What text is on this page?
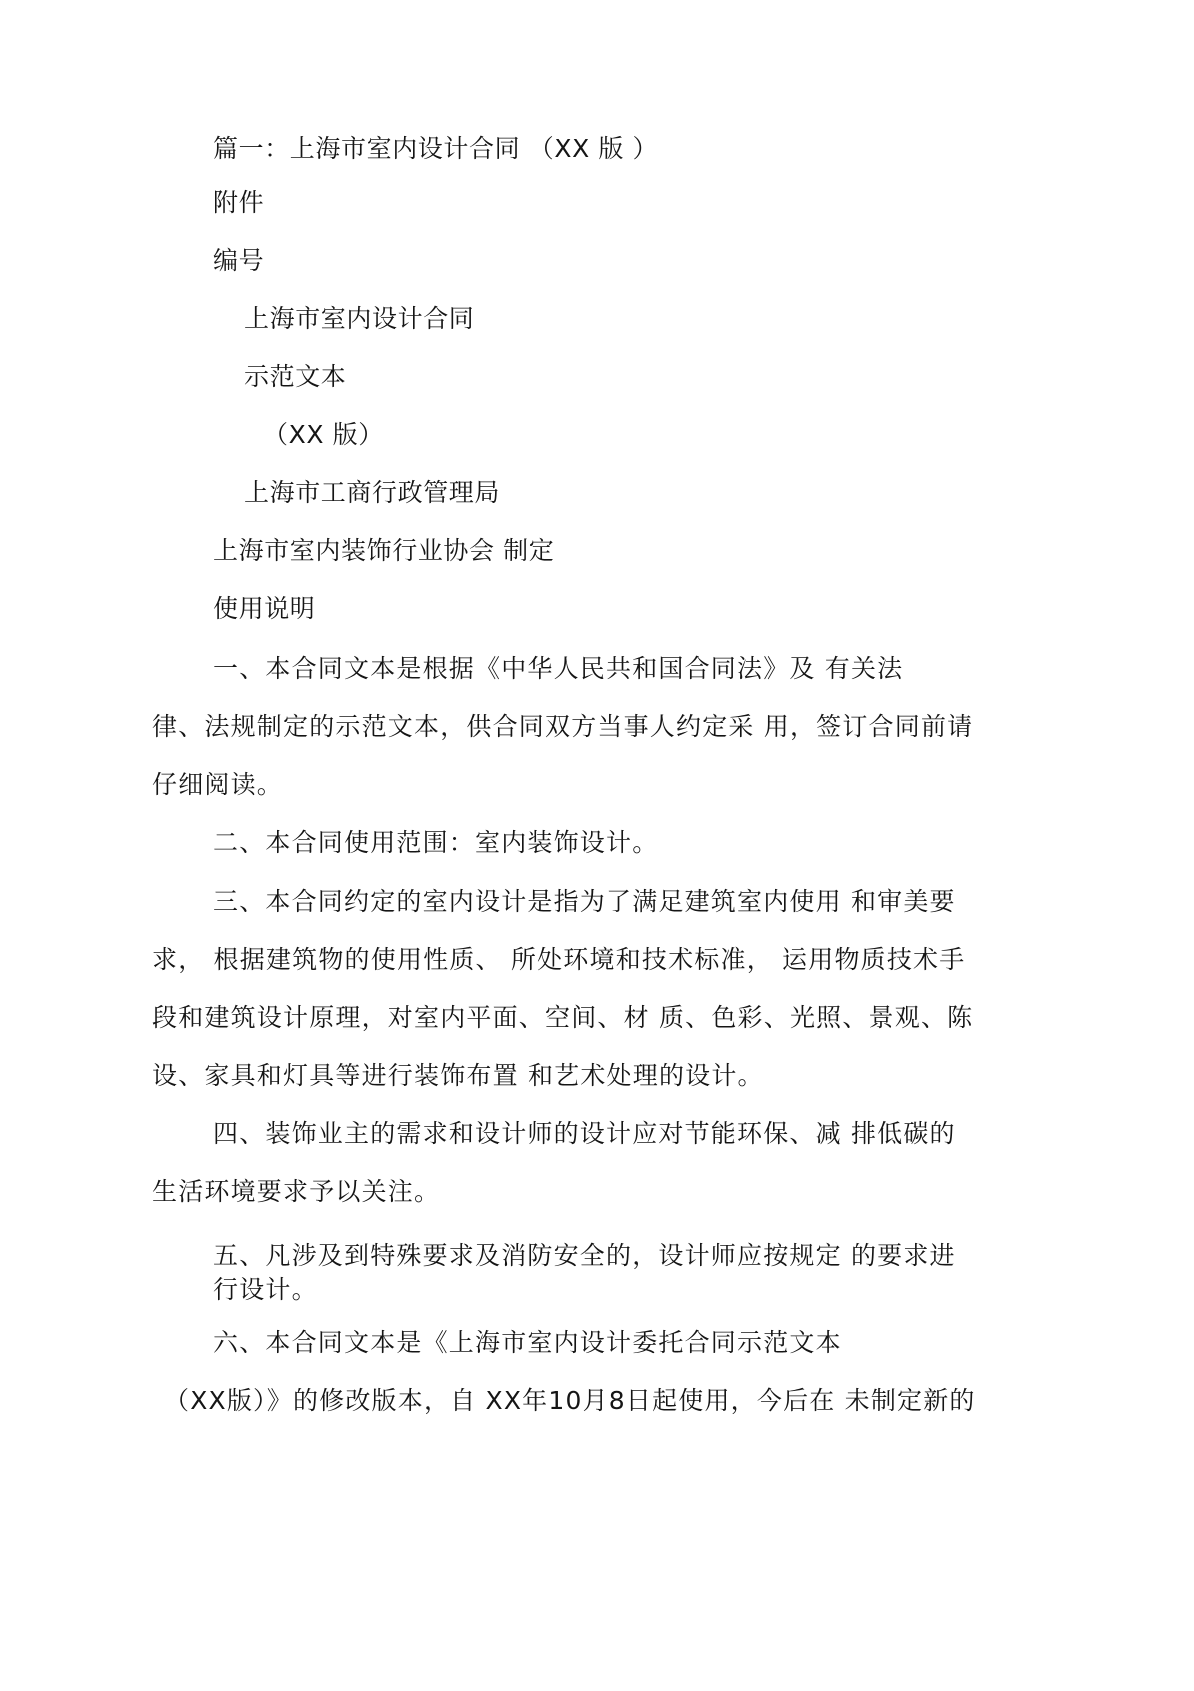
篇一：上海市室内设计合同 （XX 版 ）
附件
编号
上海市室内设计合同
示范文本
（XX 版）
上海市工商行政管理局
上海市室内装饰行业协会 制定
使用说明
一、本合同文本是根据《中华人民共和国合同法》及 有关法
律、法规制定的示范文本，供合同双方当事人约定采 用，签订合同前请
仔细阅读。
二、本合同使用范围：室内装饰设计。
三、本合同约定的室内设计是指为了满足建筑室内使用 和审美要
求， 根据建筑物的使用性质、 所处环境和技术标准， 运用物质技术手
段和建筑设计原理，对室内平面、空间、材 质、色彩、光照、景观、陈
设、家具和灯具等进行装饰布置 和艺术处理的设计。
四、装饰业主的需求和设计师的设计应对节能环保、减 排低碳的
生活环境要求予以关注。
五、凡涉及到特殊要求及消防安全的，设计师应按规定 的要求进
行设计。
六、本合同文本是《上海市室内设计委托合同示范文本
（XX版）》的修改版本，自 XX年10月8日起使用，今后在 未制定新的
